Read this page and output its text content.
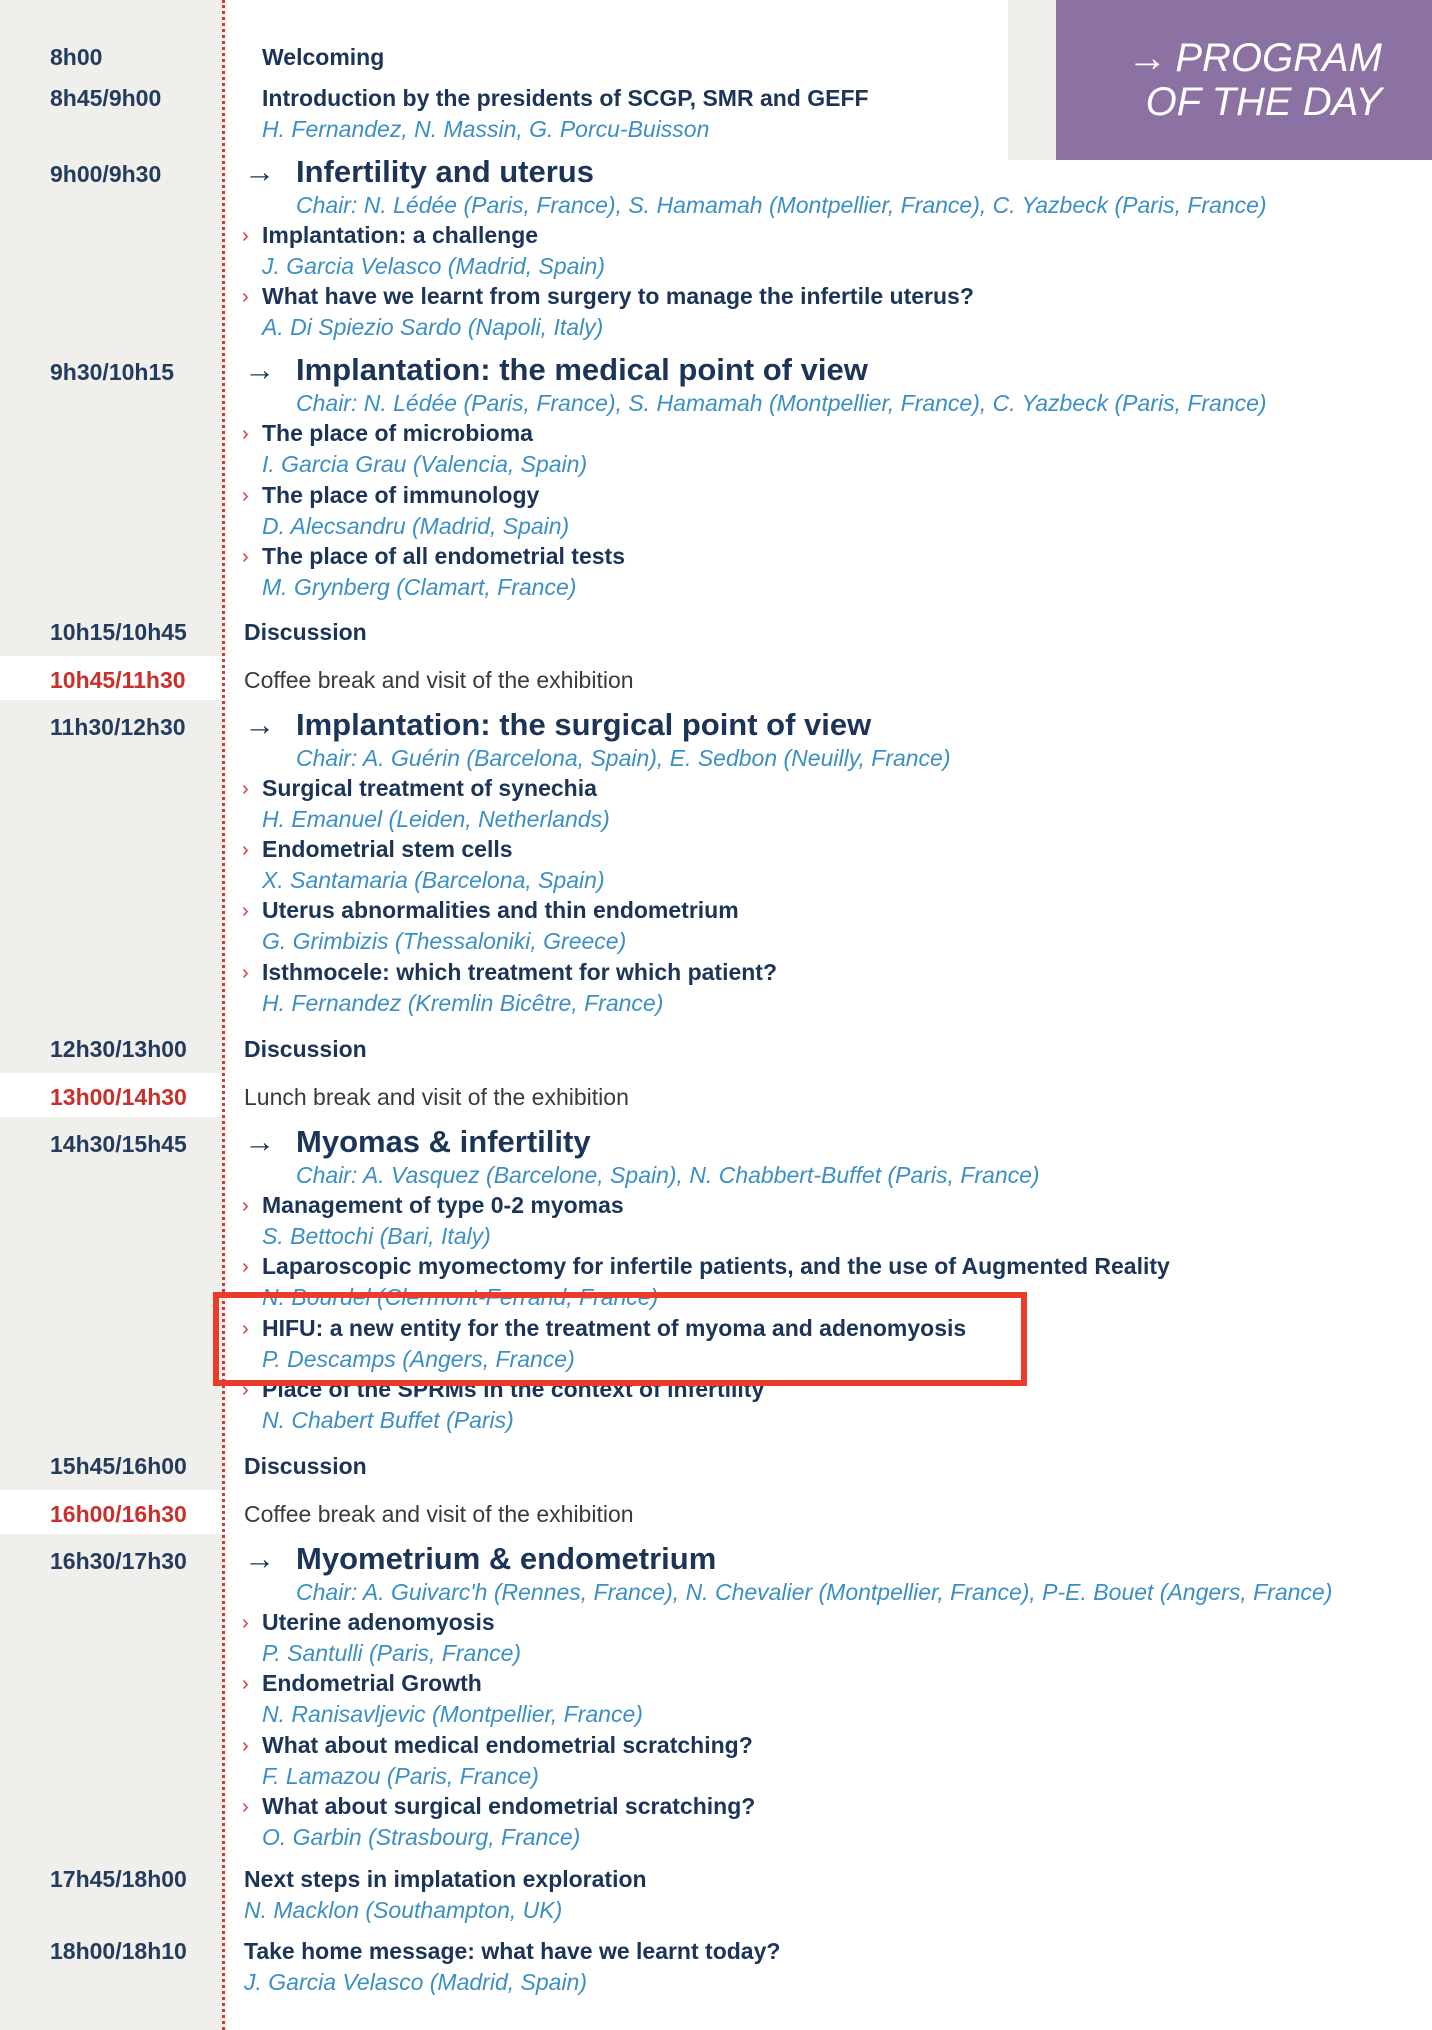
→ PROGRAM
OF THE DAY
8h00
8h45/9h00
9h00/9h30
9h30/10h15
10h15/10h45
10h45/11h30
11h30/12h30
12h30/13h00
13h00/14h30
14h30/15h45
15h45/16h00
16h00/16h30
16h30/17h30
17h45/18h00
18h00/18h10
Welcoming
Introduction by the presidents of SCGP, SMR and GEFF
H. Fernandez, N. Massin, G. Porcu-Buisson
→ Infertility and uterus
Chair: N. Lédée (Paris, France), S. Hamamah (Montpellier, France), C. Yazbeck (Paris, France)
› Implantation: a challenge
J. Garcia Velasco (Madrid, Spain)
› What have we learnt from surgery to manage the infertile uterus?
A. Di Spiezio Sardo (Napoli, Italy)
→ Implantation: the medical point of view
Chair: N. Lédée (Paris, France), S. Hamamah (Montpellier, France), C. Yazbeck (Paris, France)
› The place of microbioma
I. Garcia Grau (Valencia, Spain)
› The place of immunology
D. Alecsandru (Madrid, Spain)
› The place of all endometrial tests
M. Grynberg (Clamart, France)
Discussion
Coffee break and visit of the exhibition
→ Implantation: the surgical point of view
Chair: A. Guérin (Barcelona, Spain), E. Sedbon (Neuilly, France)
› Surgical treatment of synechia
H. Emanuel (Leiden, Netherlands)
› Endometrial stem cells
X. Santamaria (Barcelona, Spain)
› Uterus abnormalities and thin endometrium
G. Grimbizis (Thessaloniki, Greece)
› Isthmocele: which treatment for which patient?
H. Fernandez (Kremlin Bicêtre, France)
Discussion
Lunch break and visit of the exhibition
→ Myomas & infertility
Chair: A. Vasquez (Barcelone, Spain), N. Chabbert-Buffet (Paris, France)
› Management of type 0-2 myomas
S. Bettochi (Bari, Italy)
› Laparoscopic myomectomy for infertile patients, and the use of Augmented Reality
N. Bourdel (Clermont-Ferrand, France)
› HIFU: a new entity for the treatment of myoma and adenomyosis
P. Descamps (Angers, France)
› Place of the SPRMs in the context of infertility
N. Chabert Buffet (Paris)
Discussion
Coffee break and visit of the exhibition
→ Myometrium & endometrium
Chair: A. Guivarc'h (Rennes, France), N. Chevalier (Montpellier, France), P-E. Bouet (Angers, France)
› Uterine adenomyosis
P. Santulli (Paris, France)
› Endometrial Growth
N. Ranisavljevic (Montpellier, France)
› What about medical endometrial scratching?
F. Lamazou (Paris, France)
› What about surgical endometrial scratching?
O. Garbin (Strasbourg, France)
Next steps in implatation exploration
N. Macklon (Southampton, UK)
Take home message: what have we learnt today?
J. Garcia Velasco (Madrid, Spain)
